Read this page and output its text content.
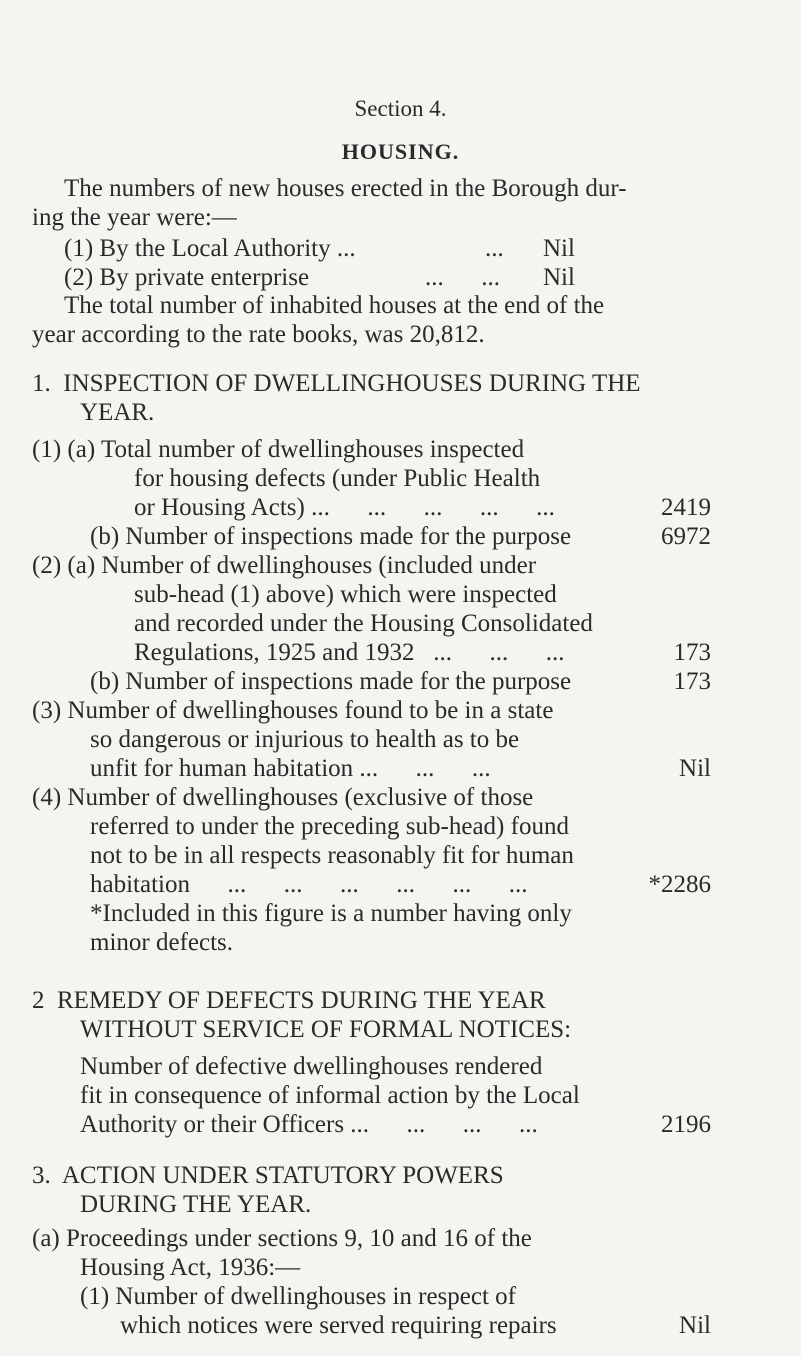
Section 4.
HOUSING.
The numbers of new houses erected in the Borough dur-
ing the year were:—
(1) By the Local Authority ...	... Nil
(2) By private enterprise	...      ... Nil
The total number of inhabited houses at the end of the
year according to the rate books, was 20,812.
1.  INSPECTION OF DWELLINGHOUSES DURING THE
YEAR.
(1) (a) Total number of dwellinghouses inspected
for housing defects (under Public Health
or Housing Acts) ...      ...      ...      ...      ...	2419
(b) Number of inspections made for the purpose	6972
(2) (a) Number of dwellinghouses (included under
sub-head (1) above) which were inspected
and recorded under the Housing Consolidated
Regulations, 1925 and 1932   ...      ...      ...	173
(b) Number of inspections made for the purpose	173
(3) Number of dwellinghouses found to be in a state
so dangerous or injurious to health as to be
unfit for human habitation ...      ...      ...	Nil
(4) Number of dwellinghouses (exclusive of those
referred to under the preceding sub-head) found
not to be in all respects reasonably fit for human
habitation      ...      ...      ...      ...      ...      ...	*2286
*Included in this figure is a number having only
minor defects.
2  REMEDY OF DEFECTS DURING THE YEAR
WITHOUT SERVICE OF FORMAL NOTICES:
Number of defective dwellinghouses rendered
fit in consequence of informal action by the Local
Authority or their Officers ...      ...      ...      ...	2196
3.  ACTION UNDER STATUTORY POWERS
DURING THE YEAR.
(a) Proceedings under sections 9, 10 and 16 of the
Housing Act, 1936:—
(1) Number of dwellinghouses in respect of
which notices were served requiring repairs	Nil
